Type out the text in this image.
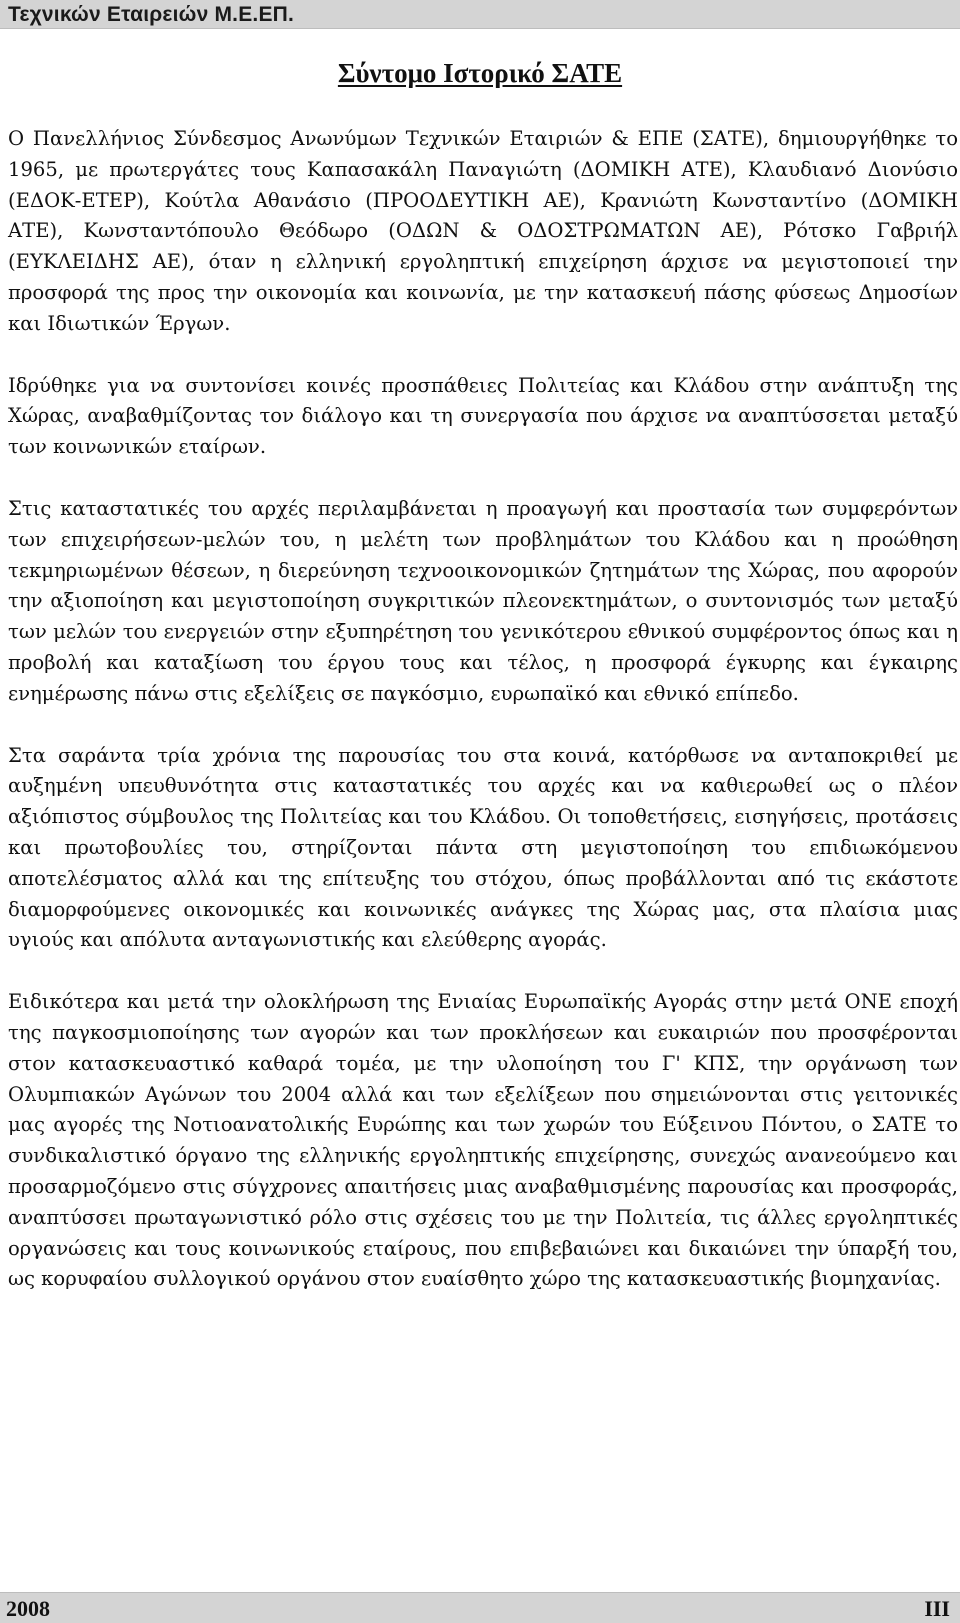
Τεχνικών Εταιρειών Μ.Ε.ΕΠ.
Σύντομο Ιστορικό ΣΑΤΕ

Ο Πανελλήνιος Σύνδεσμος Ανωνύμων Τεχνικών Εταιριών & ΕΠΕ (ΣΑΤΕ), δημιουργήθηκε το 1965, με πρωτεργάτες τους Καπασακάλη Παναγιώτη (ΔΟΜΙΚΗ ΑΤΕ), Κλαυδιανό Διονύσιο (ΕΔΟΚ-ΕΤΕΡ), Κούτλα Αθανάσιο (ΠΡΟΟΔΕΥΤΙΚΗ ΑΕ), Κρανιώτη Κωνσταντίνο (ΔΟΜΙΚΗ ΑΤΕ), Κωνσταντόπουλο Θεόδωρο (ΟΔΩΝ & ΟΔΟΣΤΡΩΜΑΤΩΝ ΑΕ), Ρότσκο Γαβριήλ (ΕΥΚΛΕΙΔΗΣ ΑΕ), όταν η ελληνική εργοληπτική επιχείρηση άρχισε να μεγιστοποιεί την προσφορά της προς την οικονομία και κοινωνία, με την κατασκευή πάσης φύσεως Δημοσίων και Ιδιωτικών Έργων.

Ιδρύθηκε για να συντονίσει κοινές προσπάθειες Πολιτείας και Κλάδου στην ανάπτυξη της Χώρας, αναβαθμίζοντας τον διάλογο και τη συνεργασία που άρχισε να αναπτύσσεται μεταξύ των κοινωνικών εταίρων.

Στις καταστατικές του αρχές περιλαμβάνεται η προαγωγή και προστασία των συμφερόντων των επιχειρήσεων-μελών του, η μελέτη των προβλημάτων του Κλάδου και η προώθηση τεκμηριωμένων θέσεων, η διερεύνηση τεχνοοικονομικών ζητημάτων της Χώρας, που αφορούν την αξιοποίηση και μεγιστοποίηση συγκριτικών πλεονεκτημάτων, ο συντονισμός των μεταξύ των μελών του ενεργειών στην εξυπηρέτηση του γενικότερου εθνικού συμφέροντος όπως και η προβολή και καταξίωση του έργου τους και τέλος, η προσφορά έγκυρης και έγκαιρης ενημέρωσης πάνω στις εξελίξεις σε παγκόσμιο, ευρωπαϊκό και εθνικό επίπεδο.

Στα σαράντα τρία χρόνια της παρουσίας του στα κοινά, κατόρθωσε να ανταποκριθεί με αυξημένη υπευθυνότητα στις καταστατικές του αρχές και να καθιερωθεί ως ο πλέον αξιόπιστος σύμβουλος της Πολιτείας και του Κλάδου. Οι τοποθετήσεις, εισηγήσεις, προτάσεις και πρωτοβουλίες του, στηρίζονται πάντα στη μεγιστοποίηση του επιδιωκόμενου αποτελέσματος αλλά και της επίτευξης του στόχου, όπως προβάλλονται από τις εκάστοτε διαμορφούμενες οικονομικές και κοινωνικές ανάγκες της Χώρας μας, στα πλαίσια μιας υγιούς και απόλυτα ανταγωνιστικής και ελεύθερης αγοράς.

Ειδικότερα και μετά την ολοκλήρωση της Ενιαίας Ευρωπαϊκής Αγοράς στην μετά ΟΝΕ εποχή της παγκοσμιοποίησης των αγορών και των προκλήσεων και ευκαιριών που προσφέρονται στον κατασκευαστικό καθαρά τομέα, με την υλοποίηση του Γ' ΚΠΣ, την οργάνωση των Ολυμπιακών Αγώνων του 2004 αλλά και των εξελίξεων που σημειώνονται στις γειτονικές μας αγορές της Νοτιοανατολικής Ευρώπης και των χωρών του Εύξεινου Πόντου, ο ΣΑΤΕ το συνδικαλιστικό όργανο της ελληνικής εργοληπτικής επιχείρησης, συνεχώς ανανεούμενο και προσαρμοζόμενο στις σύγχρονες απαιτήσεις μιας αναβαθμισμένης παρουσίας και προσφοράς, αναπτύσσει πρωταγωνιστικό ρόλο στις σχέσεις του με την Πολιτεία, τις άλλες εργοληπτικές οργανώσεις και τους κοινωνικούς εταίρους, που επιβεβαιώνει και δικαιώνει την ύπαρξή του, ως κορυφαίου συλλογικού οργάνου στον ευαίσθητο χώρο της κατασκευαστικής βιομηχανίας.

2008	III
